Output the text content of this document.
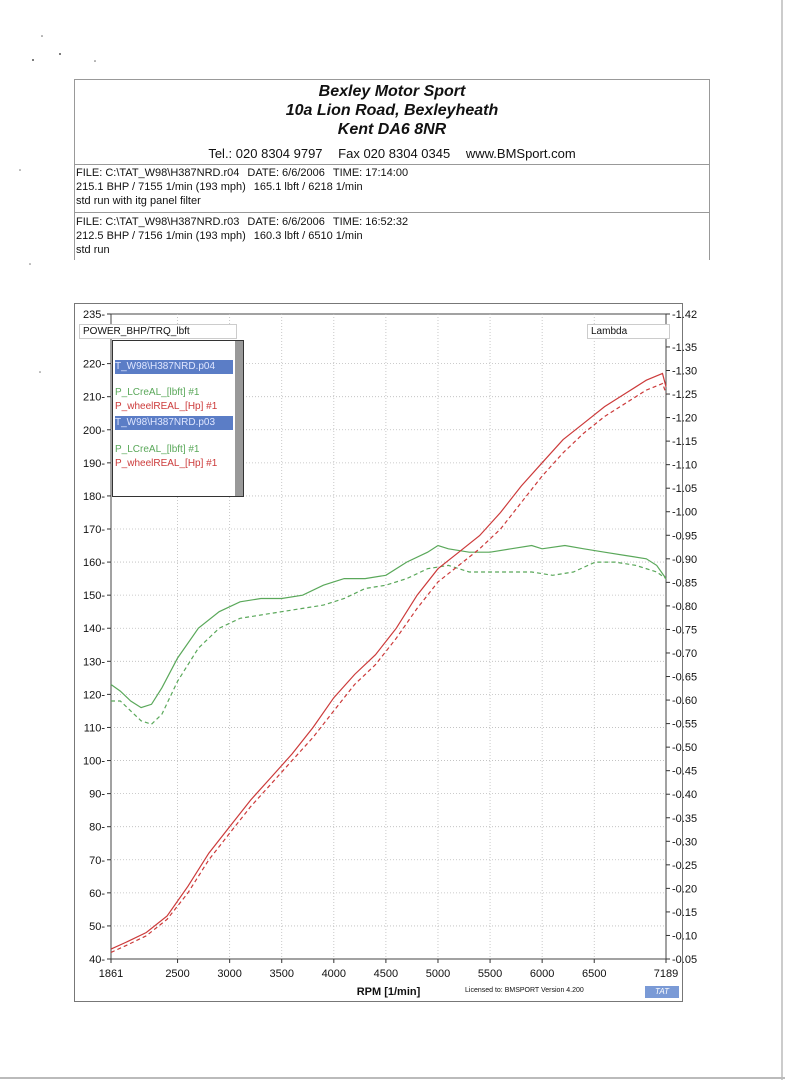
Bexley Motor Sport
10a Lion Road, Bexleyheath
Kent DA6 8NR
Tel.: 020 8304 9797 Fax 020 8304 0345 www.BMSport.com
FILE: C:\TAT_W98\H387NRD.r04 DATE: 6/6/2006 TIME: 17:14:00
215.1 BHP / 7155 1/min (193 mph) 165.1 lbft / 6218 1/min
std run with itg panel filter
FILE: C:\TAT_W98\H387NRD.r03 DATE: 6/6/2006 TIME: 16:52:32
212.5 BHP / 7156 1/min (193 mph) 160.3 lbft / 6510 1/min
std run
40-
50-
60-
70-
80-
90-
100-
110-
120-
130-
140-
150-
160-
170-
180-
190-
200-
210-
220-
235-
1861	2500	3000	3500	4000	4500	5000	5500	6000	6500	7189
-0.05
-0.10
-0.15
-0.20
-0.25
-0.30
-0.35
-0.40
-0.45
-0.50
-0.55
-0.60
-0.65
-0.70
-0.75
-0.80
-0.85
-0.90
-0.95
-1.00
-1.05
-1.10
-1.15
-1.20
-1.25
-1.30
-1.35
-1.42
RPM [1/min]
POWER_BHP/TRQ_lbft	Lambda
T_W98\H387NRD.p04
P_LCreAL_[lbft] #1
P_wheelREAL_[Hp] #1
T_W98\H387NRD.p03
P_LCreAL_[lbft] #1
P_wheelREAL_[Hp] #1
Licensed to: BMSPORT Version 4.200	TAT
